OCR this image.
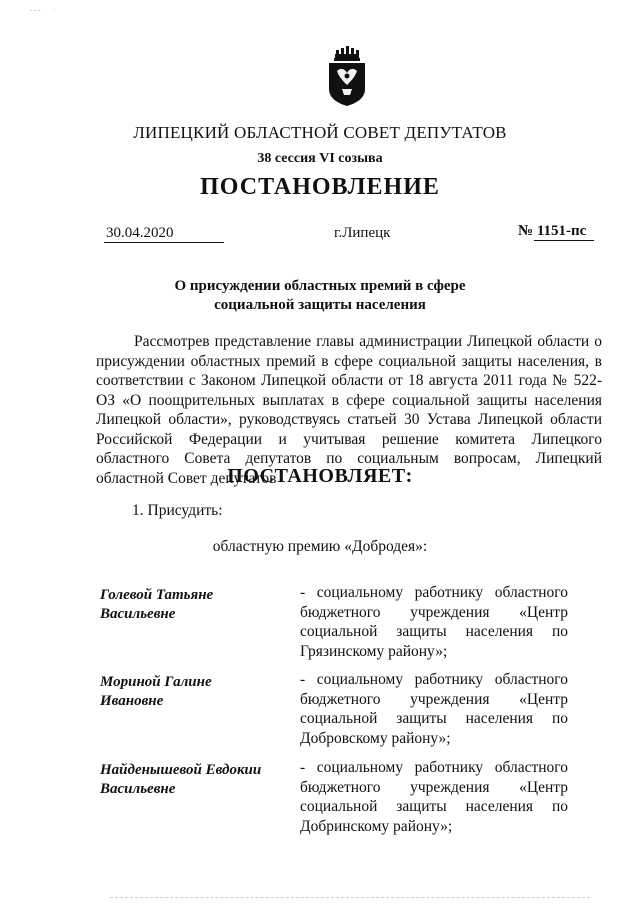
- - -       ·
ЛИПЕЦКИЙ ОБЛАСТНОЙ СОВЕТ ДЕПУТАТОВ
38 сессия VI созыва
ПОСТАНОВЛЕНИЕ
30.04.2020	г.Липецк	№ 1151-пс
О присуждении областных премий в сфере
социальной защиты населения
Рассмотрев представление главы администрации Липецкой области о присуждении областных премий в сфере социальной защиты населения, в соответствии с Законом Липецкой области от 18 августа 2011 года № 522-ОЗ «О поощрительных выплатах в сфере социальной защиты населения Липецкой области», руководствуясь статьей 30 Устава Липецкой области Российской Федерации и учитывая решение комитета Липецкого областного Совета депутатов по социальным вопросам, Липецкий областной Совет депутатов
ПОСТАНОВЛЯЕТ:
1. Присудить:
областную премию «Добродея»:
Голевой Татьяне
Васильевне
- социальному работнику областного
бюджетного учреждения «Центр
социальной защиты населения по
Грязинскому району»;
Мориной Галине
Ивановне
- социальному работнику областного
бюджетного учреждения «Центр
социальной защиты населения по
Добровскому району»;
Найденышевой Евдокии
Васильевне
- социальному работнику областного
бюджетного учреждения «Центр
социальной защиты населения по
Добринскому району»;
